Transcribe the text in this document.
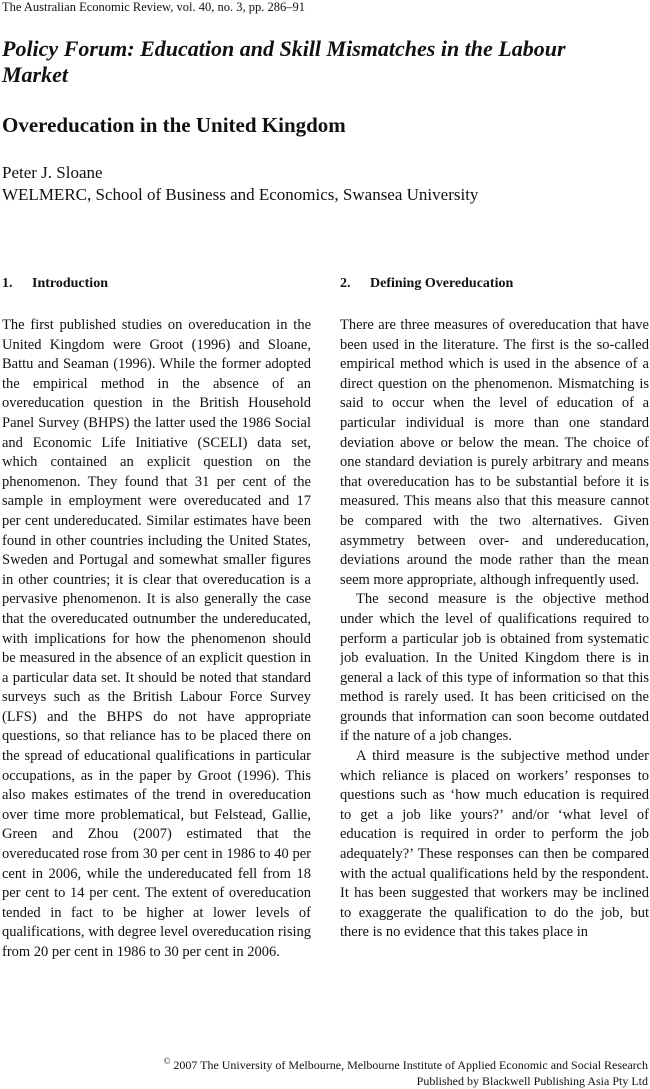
The Australian Economic Review, vol. 40, no. 3, pp. 286–91
Policy Forum: Education and Skill Mismatches in the Labour Market
Overeducation in the United Kingdom
Peter J. Sloane
WELMERC, School of Business and Economics, Swansea University
1. Introduction	2. Defining Overeducation

The first published studies on overeducation in the United Kingdom were Groot (1996) and Sloane, Battu and Seaman (1996). While the former adopted the empirical method in the absence of an overeducation question in the British Household Panel Survey (BHPS) the latter used the 1986 Social and Economic Life Initiative (SCELI) data set, which contained an explicit question on the phenomenon. They found that 31 per cent of the sample in employment were overeducated and 17 per cent undereducated. Similar estimates have been found in other countries including the United States, Sweden and Portugal and somewhat smaller figures in other countries; it is clear that overeducation is a pervasive phenomenon. It is also generally the case that the overeducated outnumber the undereducated, with implications for how the phenomenon should be measured in the absence of an explicit question in a particular data set. It should be noted that standard surveys such as the British Labour Force Survey (LFS) and the BHPS do not have appropriate questions, so that reliance has to be placed there on the spread of educational qualifications in particular occupations, as in the paper by Groot (1996). This also makes estimates of the trend in overeducation over time more problematical, but Felstead, Gallie, Green and Zhou (2007) estimated that the overeducated rose from 30 per cent in 1986 to 40 per cent in 2006, while the undereducated fell from 18 per cent to 14 per cent. The extent of overeducation tended in fact to be higher at lower levels of qualifications, with degree level overeducation rising from 20 per cent in 1986 to 30 per cent in 2006.

There are three measures of overeducation that have been used in the literature. The first is the so-called empirical method which is used in the absence of a direct question on the phenomenon. Mismatching is said to occur when the level of education of a particular individual is more than one standard deviation above or below the mean. The choice of one standard deviation is purely arbitrary and means that overeducation has to be substantial before it is measured. This means also that this measure cannot be compared with the two alternatives. Given asymmetry between over- and undereducation, deviations around the mode rather than the mean seem more appropriate, although infrequently used.

The second measure is the objective method under which the level of qualifications required to perform a particular job is obtained from systematic job evaluation. In the United Kingdom there is in general a lack of this type of information so that this method is rarely used. It has been criticised on the grounds that information can soon become outdated if the nature of a job changes.

A third measure is the subjective method under which reliance is placed on workers’ responses to questions such as ‘how much education is required to get a job like yours?’ and/or ‘what level of education is required in order to perform the job adequately?’ These responses can then be compared with the actual qualifications held by the respondent. It has been suggested that workers may be inclined to exaggerate the qualification to do the job, but there is no evidence that this takes place in

© 2007 The University of Melbourne, Melbourne Institute of Applied Economic and Social Research
Published by Blackwell Publishing Asia Pty Ltd
